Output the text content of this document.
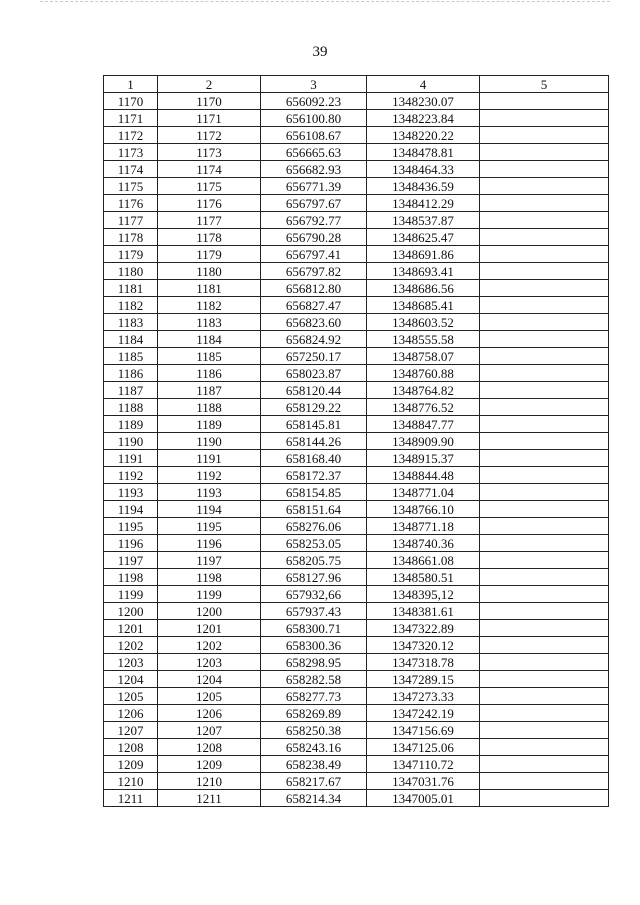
39
1	2	3	4	5
1170	1170	656092.23	1348230.07	
1171	1171	656100.80	1348223.84	
1172	1172	656108.67	1348220.22	
1173	1173	656665.63	1348478.81	
1174	1174	656682.93	1348464.33	
1175	1175	656771.39	1348436.59	
1176	1176	656797.67	1348412.29	
1177	1177	656792.77	1348537.87	
1178	1178	656790.28	1348625.47	
1179	1179	656797.41	1348691.86	
1180	1180	656797.82	1348693.41	
1181	1181	656812.80	1348686.56	
1182	1182	656827.47	1348685.41	
1183	1183	656823.60	1348603.52	
1184	1184	656824.92	1348555.58	
1185	1185	657250.17	1348758.07	
1186	1186	658023.87	1348760.88	
1187	1187	658120.44	1348764.82	
1188	1188	658129.22	1348776.52	
1189	1189	658145.81	1348847.77	
1190	1190	658144.26	1348909.90	
1191	1191	658168.40	1348915.37	
1192	1192	658172.37	1348844.48	
1193	1193	658154.85	1348771.04	
1194	1194	658151.64	1348766.10	
1195	1195	658276.06	1348771.18	
1196	1196	658253.05	1348740.36	
1197	1197	658205.75	1348661.08	
1198	1198	658127.96	1348580.51	
1199	1199	657932,66	1348395,12	
1200	1200	657937.43	1348381.61	
1201	1201	658300.71	1347322.89	
1202	1202	658300.36	1347320.12	
1203	1203	658298.95	1347318.78	
1204	1204	658282.58	1347289.15	
1205	1205	658277.73	1347273.33	
1206	1206	658269.89	1347242.19	
1207	1207	658250.38	1347156.69	
1208	1208	658243.16	1347125.06	
1209	1209	658238.49	1347110.72	
1210	1210	658217.67	1347031.76	
1211	1211	658214.34	1347005.01	
